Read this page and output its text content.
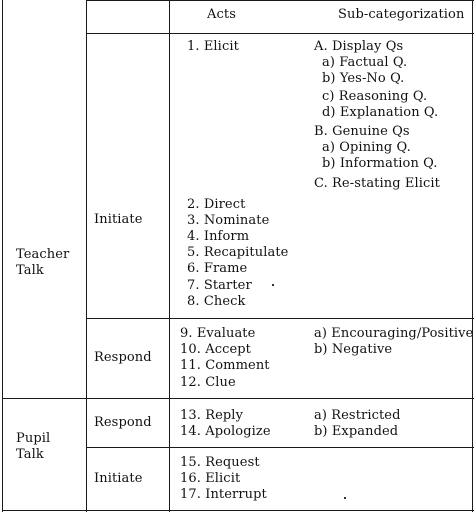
Acts	Sub-categorization
Teacher
Talk
Pupil
Talk
Initiate
Respond
Respond
Initiate
1. Elicit
2. Direct
3. Nominate
4. Inform
5. Recapitulate
6. Frame
7. Starter
8. Check
A. Display Qs
a) Factual Q.
b) Yes-No Q.
c) Reasoning Q.
d) Explanation Q.
B. Genuine Qs
a) Opining Q.
b) Information Q.
C. Re-stating Elicit
9. Evaluate
10. Accept
11. Comment
12. Clue
a) Encouraging/Positive
b) Negative
13. Reply
14. Apologize
a) Restricted
b) Expanded
15. Request
16. Elicit
17. Interrupt
